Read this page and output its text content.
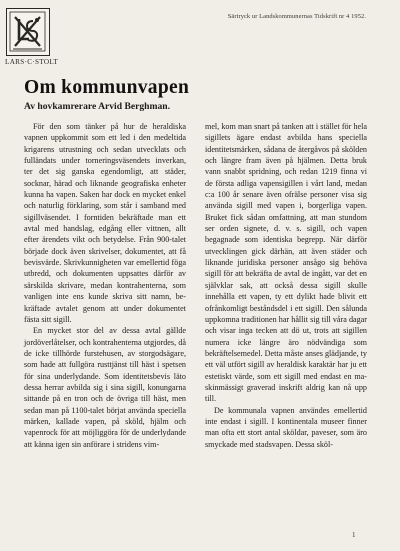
LARS·C·STOLT
Särtryck ur Landskommunernas Tidskrift nr 4 1952.
Om kommunvapen
Av hovkamrerare Arvid Berghman.

För den som tänker på hur de heraldiska vapnen uppkommit som ett led i den medeltida krigarens utrustning och sedan utvecklats och fulländats under torneringsväsendets inverkan, ter det sig ganska egendomligt, att städer, socknar, härad och liknande geografiska enheter kunna ha vapen. Saken har dock en mycket enkel och naturlig förklaring, som står i samband med sigillväsendet. I forntiden bekräftade man ett avtal med handslag, edgång eller vittnen, allt efter ärendets vikt och betydelse. Från 900-talet började dock även skrivelser, dokumentet, att få bevisvärde. Skrivkunnigheten var emellertid föga utbredd, och dokumenten uppsattes därför av särskilda skrivare, medan kontrahenterna, som vanligen inte ens kunde skriva sitt namn, bekräftade avtalet genom att under dokumentet fästa sitt sigill.

En mycket stor del av dessa avtal gällde jordöverlåtelser, och kontrahenterna utgjordes, då de icke tillhörde furstehusen, av storgodsägare, som hade att fullgöra rusttjänst till häst i spetsen för sina underlydande. Som identitetsbevis läto dessa herrar avbilda sig i sina sigill, konungarna sittande på en tron och de övriga till häst, men sedan man på 1100-talet börjat använda speciella märken, kallade vapen, på sköld, hjälm och vapenrock för att möjliggöra för de underlydande att känna igen sin anförare i stridens vim-

mel, kom man snart på tanken att i stället för hela sigillets ägare endast avbilda hans speciella identitetsmärken, sådana de återgåvos på skölden och längre fram även på hjälmen. Detta bruk vann snabbt spridning, och redan 1219 finna vi de första adliga vapensigillen i vårt land, medan c:a 100 år senare även ofrälse personer visa sig använda sigill med vapen i, borgerliga vapen. Bruket fick sådan omfattning, att man stundom ser orden signete, d. v. s. sigill, och vapen begagnade som identiska begrepp. När därför utvecklingen gick därhän, att även städer och liknande juridiska personer ansågo sig behöva sigill för att bekräfta de avtal de ingått, var det en självklar sak, att också dessa sigill skulle innehålla ett vapen, ty ett dylikt hade blivit ett ofrånkomligt beståndsdel i ett sigill. Den sålunda uppkomna traditionen har hållit sig till våra dagar och visar inga tecken att dö ut, trots att sigillen numera icke längre äro nödvändiga som bekräftelsemedel. Detta måste anses glädjande, ty ett väl utfört sigill av heraldisk karaktär har ju ett estetiskt värde, som ett sigill med endast en maskinmässigt graverad inskrift aldrig kan nå upp till.

De kommunala vapnen användes emellertid inte endast i sigill. I kontinentala museer finner man ofta ett stort antal sköldar, paveser, som äro smyckade med stadsvapen. Dessa sköl-

1
